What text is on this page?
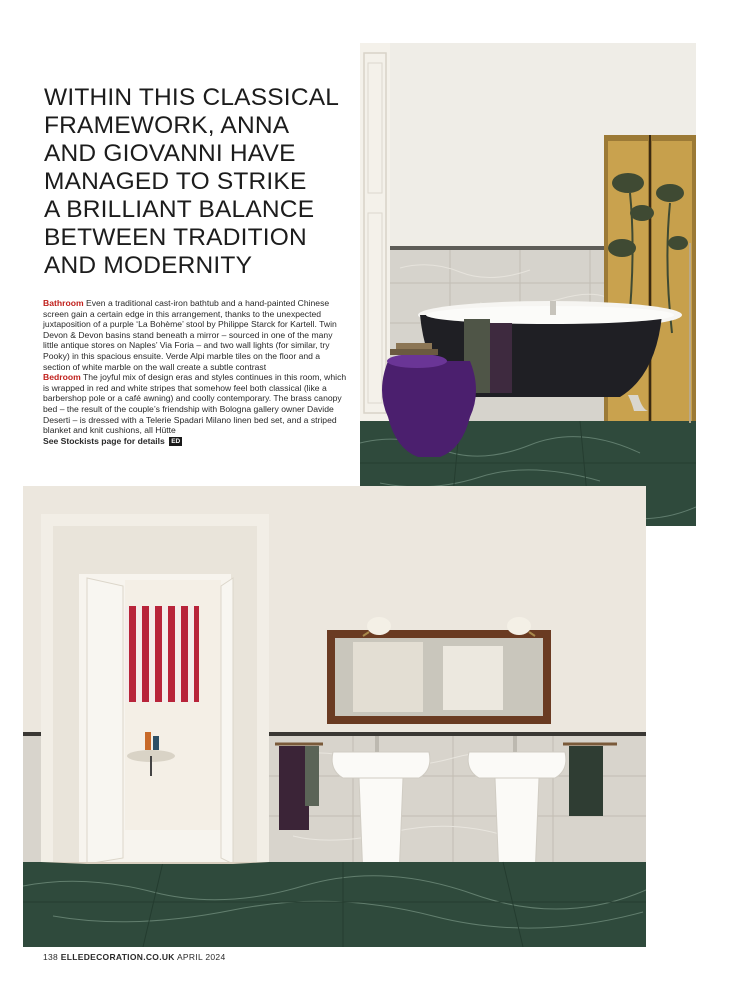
WITHIN THIS CLASSICAL
FRAMEWORK, ANNA
AND GIOVANNI HAVE
MANAGED TO STRIKE
A BRILLIANT BALANCE
BETWEEN TRADITION
AND MODERNITY

Bathroom Even a traditional cast-iron bathtub and a hand-painted Chinese screen gain a certain edge in this arrangement, thanks to the unexpected juxtaposition of a purple ‘La Bohème’ stool by Philippe Starck for Kartell. Twin Devon & Devon basins stand beneath a mirror – sourced in one of the many little antique stores on Naples’ Via Foria – and two wall lights (for similar, try Pooky) in this spacious ensuite. Verde Alpi marble tiles on the floor and a section of white marble on the wall create a subtle contrast

Bedroom The joyful mix of design eras and styles continues in this room, which is wrapped in red and white stripes that somehow feel both classical (like a barbershop pole or a café awning) and coolly contemporary. The brass canopy bed – the result of the couple’s friendship with Bologna gallery owner Davide Deserti – is dressed with a Telerie Spadari Milano linen bed set, and a striped blanket and knit cushions, all Hütte

See Stockists page for details ED

138 ELLEDECORATION.CO.UK APRIL 2024
